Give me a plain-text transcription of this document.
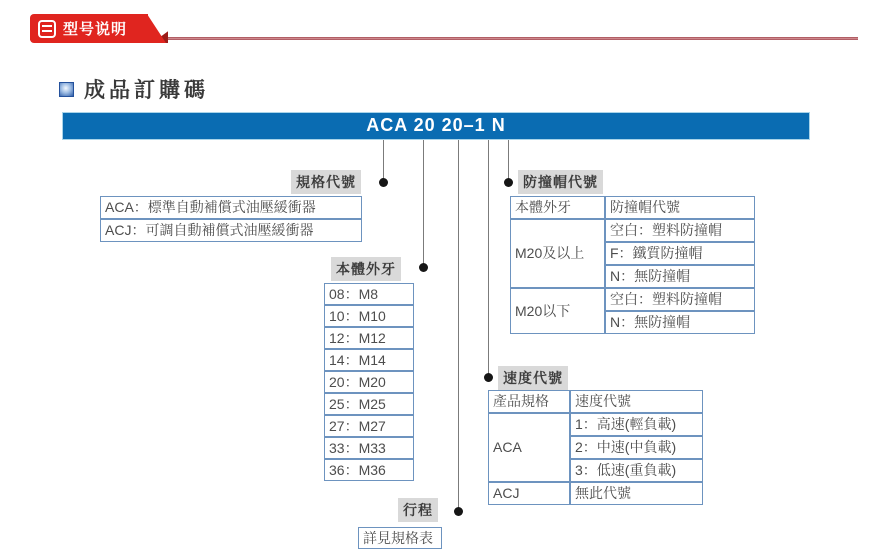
型号说明
成品訂購碼
ACA 20 20–1 N
規格代號
本體外牙
行程
速度代號
防撞帽代號
ACA：標準自動補償式油壓緩衝器
ACJ：可調自動補償式油壓緩衝器
08：M8
10：M10
12：M12
14：M14
20：M20
25：M25
27：M27
33：M33
36：M36
詳見規格表
產品規格	速度代號
ACA	1：高速(輕負載)
	2：中速(中負載)
	3：低速(重負載)
ACJ	無此代號
本體外牙	防撞帽代號
M20及以上	空白：塑料防撞帽
	F：鐵質防撞帽
	N：無防撞帽
M20以下	空白：塑料防撞帽
	N：無防撞帽
